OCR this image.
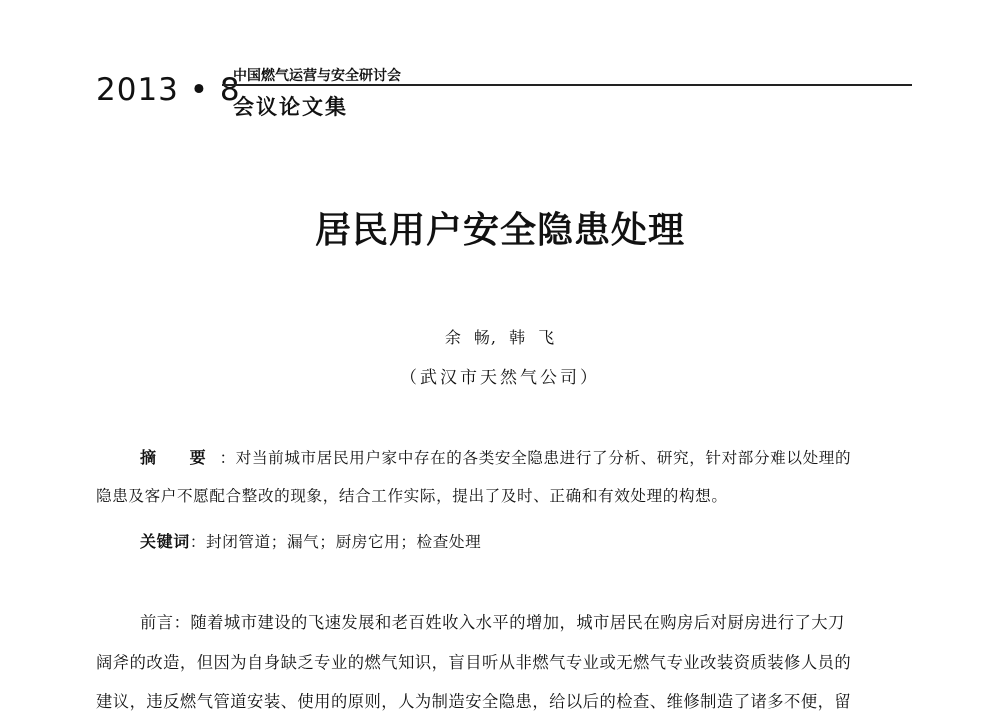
2013 • 8
中国燃气运营与安全研讨会
会议论文集
居民用户安全隐患处理
余 畅, 韩 飞
（武汉市天然气公司）
摘 要：对当前城市居民用户家中存在的各类安全隐患进行了分析、研究，针对部分难以处理的
隐患及客户不愿配合整改的现象，结合工作实际，提出了及时、正确和有效处理的构想。
关键词：封闭管道；漏气；厨房它用；检查处理
前言：随着城市建设的飞速发展和老百姓收入水平的增加，城市居民在购房后对厨房进行了大刀
阔斧的改造，但因为自身缺乏专业的燃气知识，盲目听从非燃气专业或无燃气专业改装资质装修人员的
建议，违反燃气管道安装、使用的原则，人为制造安全隐患，给以后的检查、维修制造了诸多不便，留
